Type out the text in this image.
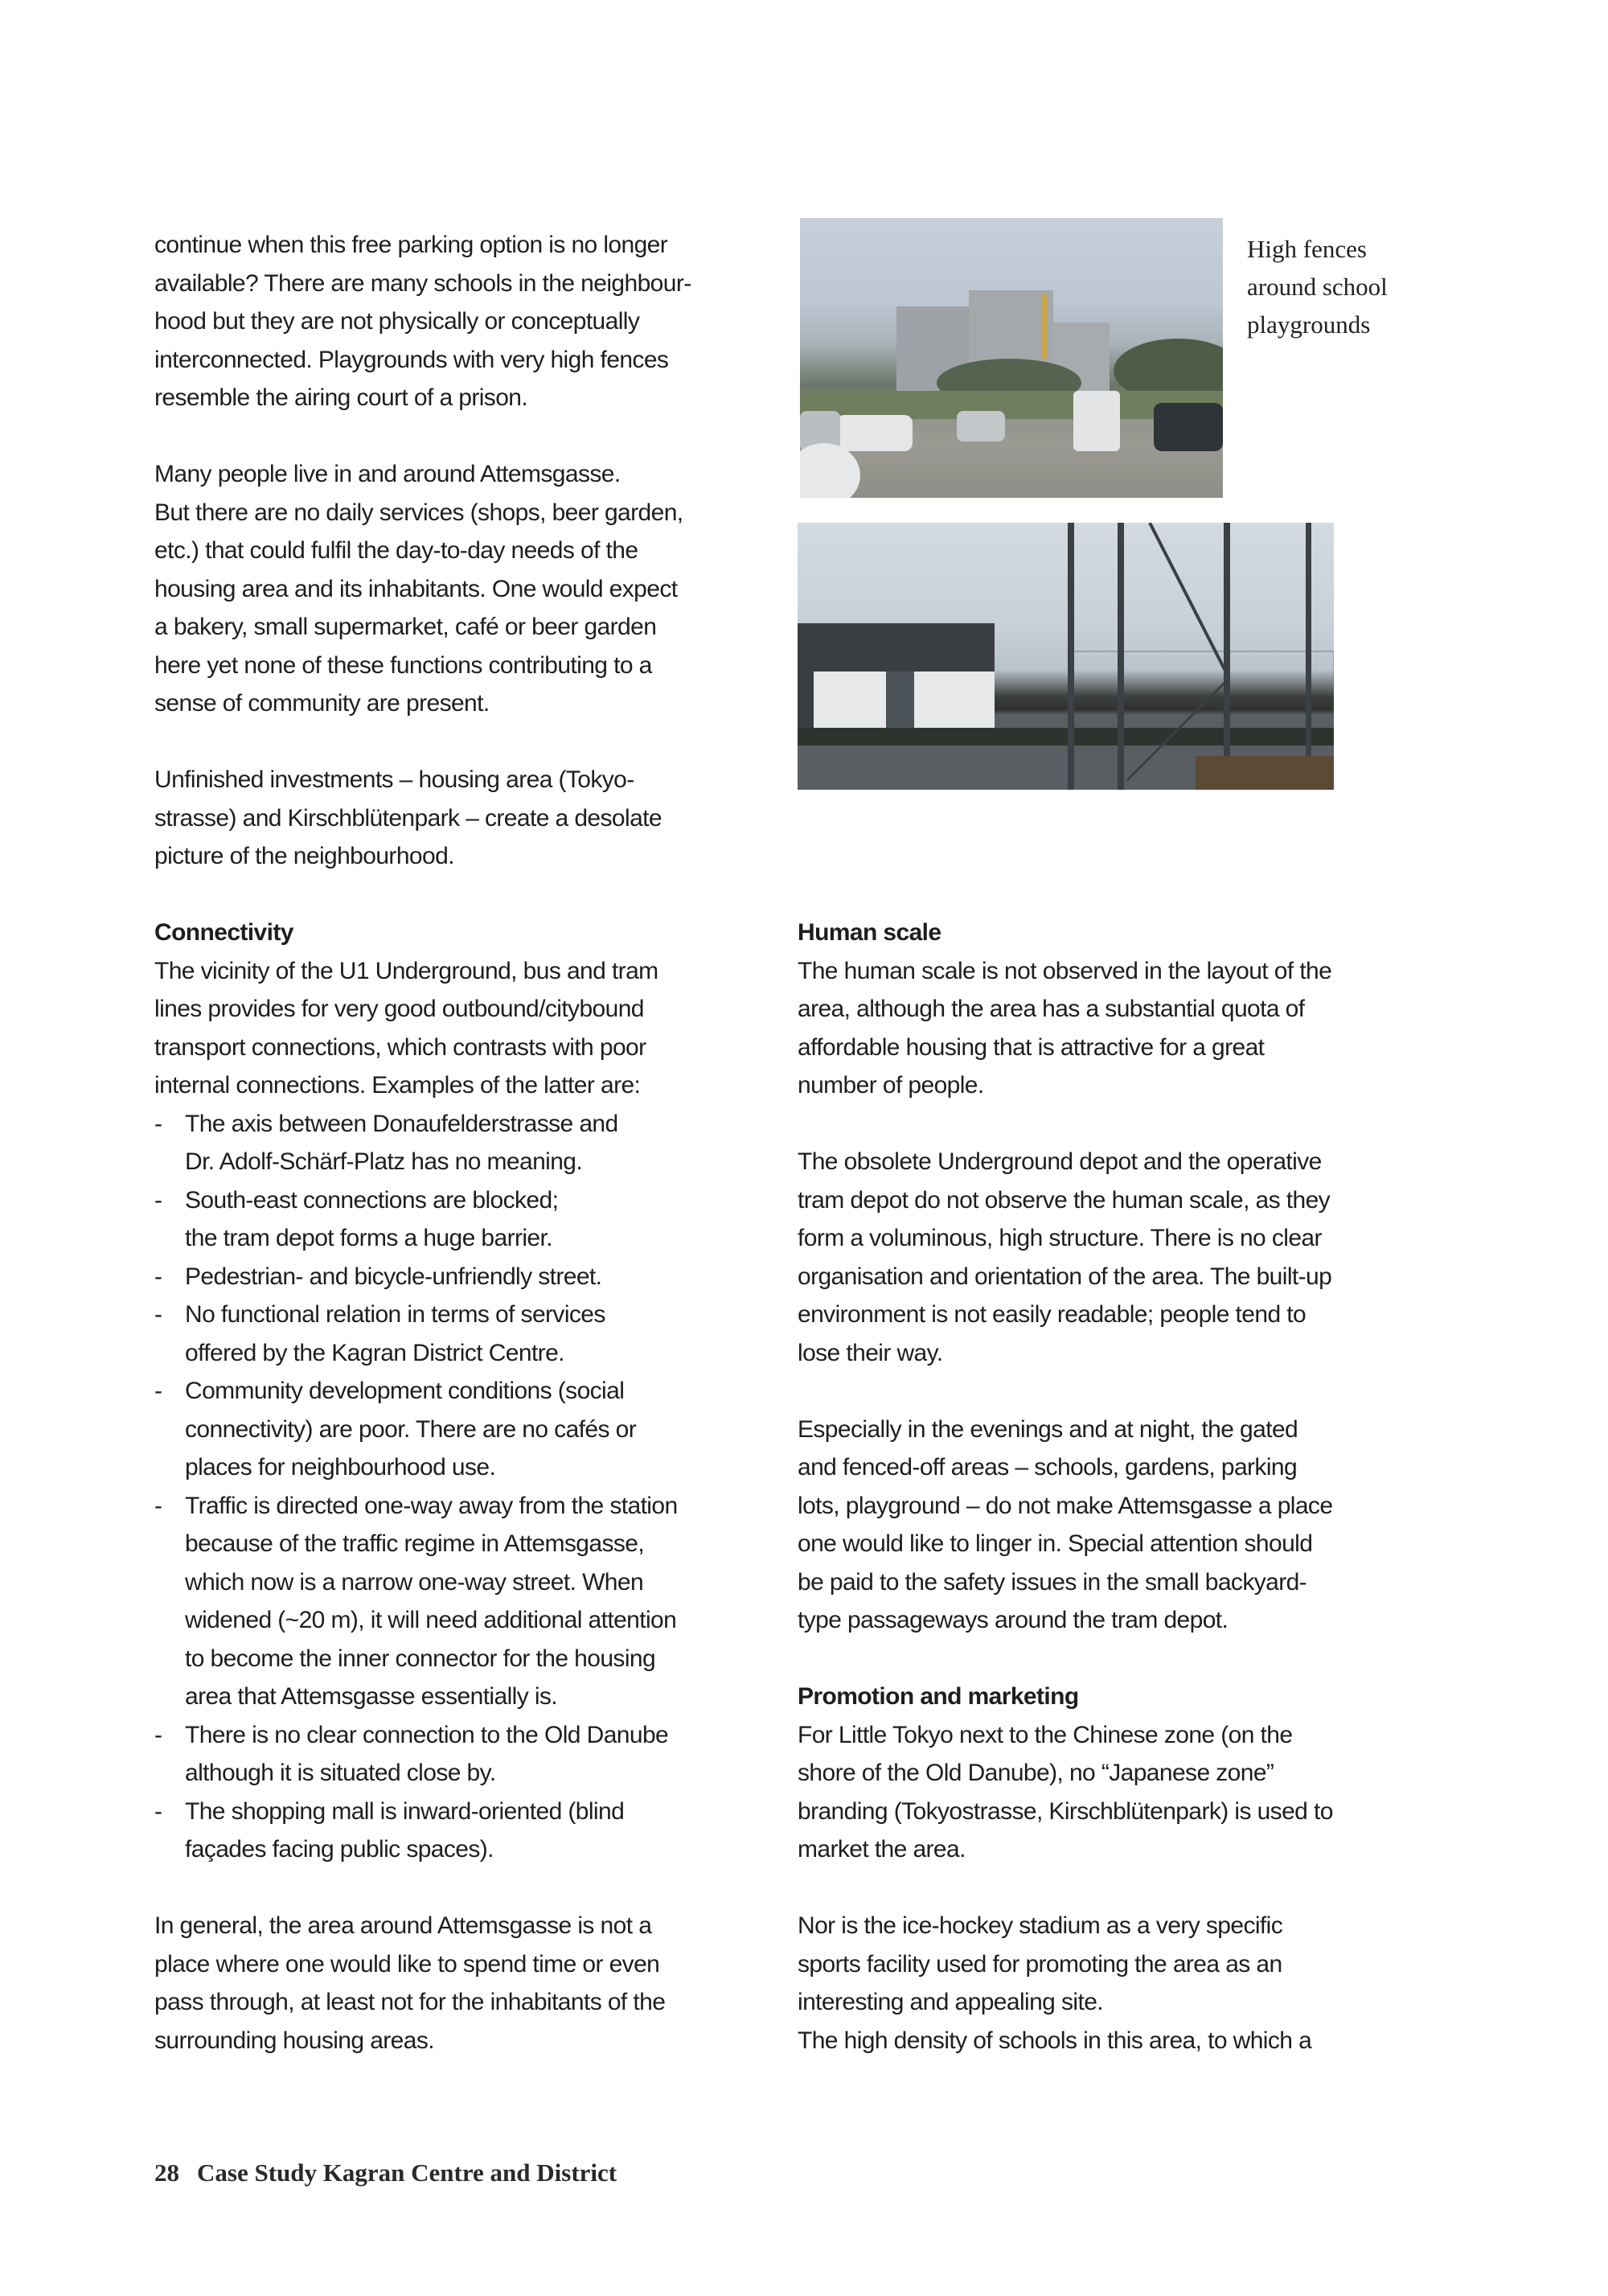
continue when this free parking option is no longer
available? There are many schools in the neighbour-
hood but they are not physically or conceptually
interconnected. Playgrounds with very high fences
resemble the airing court of a prison.

Many people live in and around Attemsgasse.
But there are no daily services (shops, beer garden,
etc.) that could fulfil the day-to-day needs of the
housing area and its inhabitants. One would expect
a bakery, small supermarket, café or beer garden
here yet none of these functions contributing to a
sense of community are present.

Unfinished investments – housing area (Tokyo-
strasse) and Kirschblütenpark – create a desolate
picture of the neighbourhood.

Connectivity
The vicinity of the U1 Underground, bus and tram
lines provides for very good outbound/citybound
transport connections, which contrasts with poor
internal connections. Examples of the latter are:
- The axis between Donaufelderstrasse and
Dr. Adolf-Schärf-Platz has no meaning.
- South-east connections are blocked;
the tram depot forms a huge barrier.
- Pedestrian- and bicycle-unfriendly street.
- No functional relation in terms of services
offered by the Kagran District Centre.
- Community development conditions (social
connectivity) are poor. There are no cafés or
places for neighbourhood use.
- Traffic is directed one-way away from the station
because of the traffic regime in Attemsgasse,
which now is a narrow one-way street. When
widened (~20 m), it will need additional attention
to become the inner connector for the housing
area that Attemsgasse essentially is.
- There is no clear connection to the Old Danube
although it is situated close by.
- The shopping mall is inward-oriented (blind
façades facing public spaces).

In general, the area around Attemsgasse is not a
place where one would like to spend time or even
pass through, at least not for the inhabitants of the
surrounding housing areas.

High fences
around school
playgrounds
Human scale
The human scale is not observed in the layout of the
area, although the area has a substantial quota of
affordable housing that is attractive for a great
number of people.

The obsolete Underground depot and the operative
tram depot do not observe the human scale, as they
form a voluminous, high structure. There is no clear
organisation and orientation of the area. The built-up
environment is not easily readable; people tend to
lose their way.

Especially in the evenings and at night, the gated
and fenced-off areas – schools, gardens, parking
lots, playground – do not make Attemsgasse a place
one would like to linger in. Special attention should
be paid to the safety issues in the small backyard-
type passageways around the tram depot.

Promotion and marketing
For Little Tokyo next to the Chinese zone (on the
shore of the Old Danube), no “Japanese zone”
branding (Tokyostrasse, Kirschblütenpark) is used to
market the area.

Nor is the ice-hockey stadium as a very specific
sports facility used for promoting the area as an
interesting and appealing site.
The high density of schools in this area, to which a

28 Case Study Kagran Centre and District
